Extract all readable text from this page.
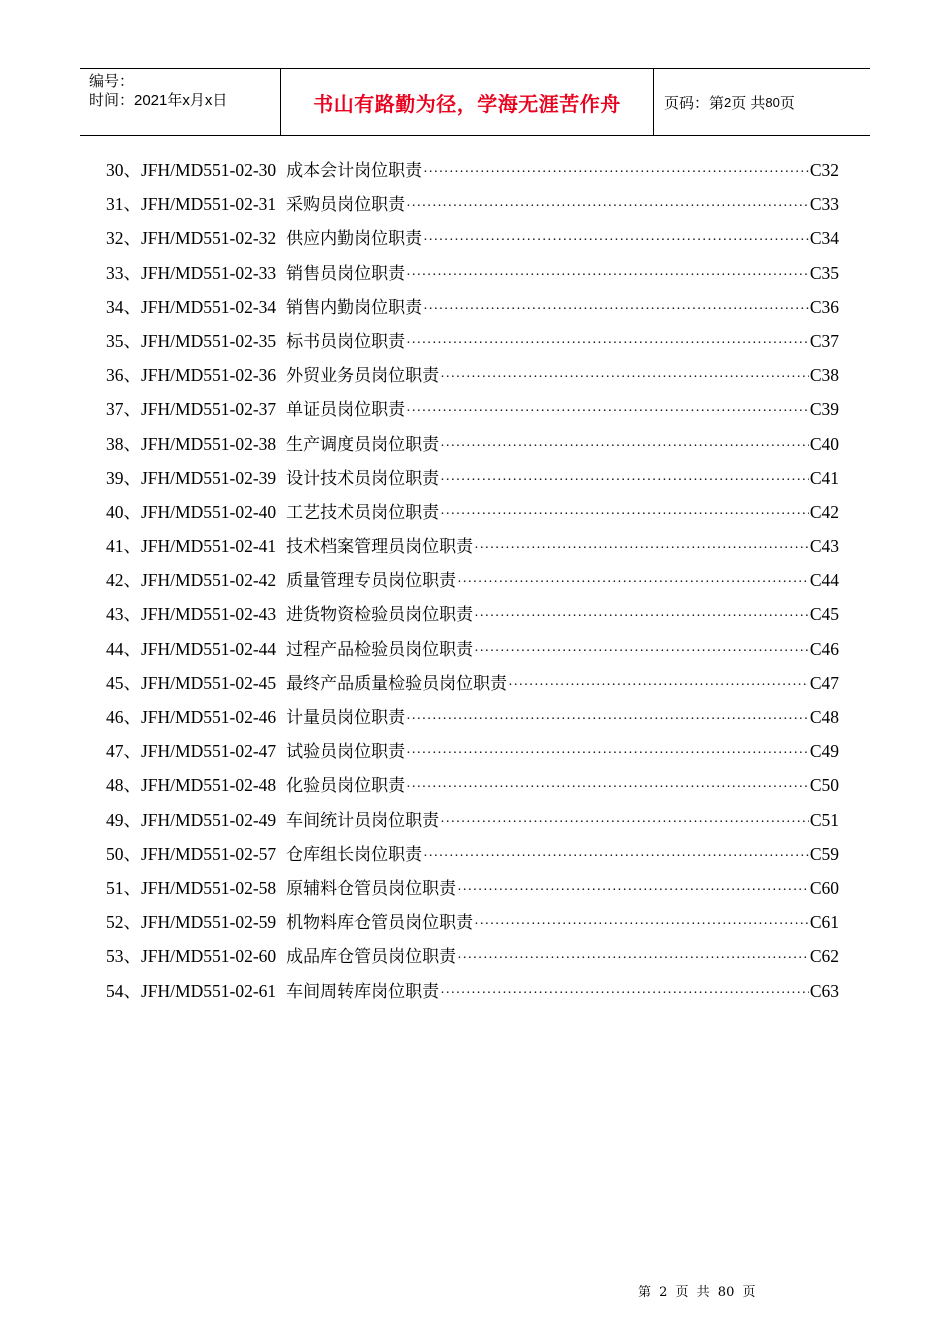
编号：
时间：2021年x月x日	书山有路勤为径，学海无涯苦作舟	页码：第 2 页 共 80 页
30、JFH/MD551-02-30 成本会计岗位职责 ·····	C32
31、JFH/MD551-02-31 采购员岗位职责 ·····	C33
32、JFH/MD551-02-32 供应内勤岗位职责 ·····	C34
33、JFH/MD551-02-33 销售员岗位职责 ·····	C35
34、JFH/MD551-02-34 销售内勤岗位职责 ·····	C36
35、JFH/MD551-02-35 标书员岗位职责 ·····	C37
36、JFH/MD551-02-36 外贸业务员岗位职责 ·····	C38
37、JFH/MD551-02-37 单证员岗位职责 ·····	C39
38、JFH/MD551-02-38 生产调度员岗位职责 ·····	C40
39、JFH/MD551-02-39 设计技术员岗位职责 ·····	C41
40、JFH/MD551-02-40 工艺技术员岗位职责 ·····	C42
41、JFH/MD551-02-41 技术档案管理员岗位职责 ·····	C43
42、JFH/MD551-02-42 质量管理专员岗位职责 ·····	C44
43、JFH/MD551-02-43 进货物资检验员岗位职责 ·····	C45
44、JFH/MD551-02-44 过程产品检验员岗位职责 ·····	C46
45、JFH/MD551-02-45 最终产品质量检验员岗位职责 ·····	C47
46、JFH/MD551-02-46 计量员岗位职责 ·····	C48
47、JFH/MD551-02-47 试验员岗位职责 ·····	C49
48、JFH/MD551-02-48 化验员岗位职责 ·····	C50
49、JFH/MD551-02-49 车间统计员岗位职责 ·····	C51
50、JFH/MD551-02-57 仓库组长岗位职责 ·····	C59
51、JFH/MD551-02-58 原辅料仓管员岗位职责 ·····	C60
52、JFH/MD551-02-59 机物料库仓管员岗位职责 ·····	C61
53、JFH/MD551-02-60 成品库仓管员岗位职责 ·····	C62
54、JFH/MD551-02-61 车间周转库岗位职责 ·····	C63
第 2 页 共 80 页
